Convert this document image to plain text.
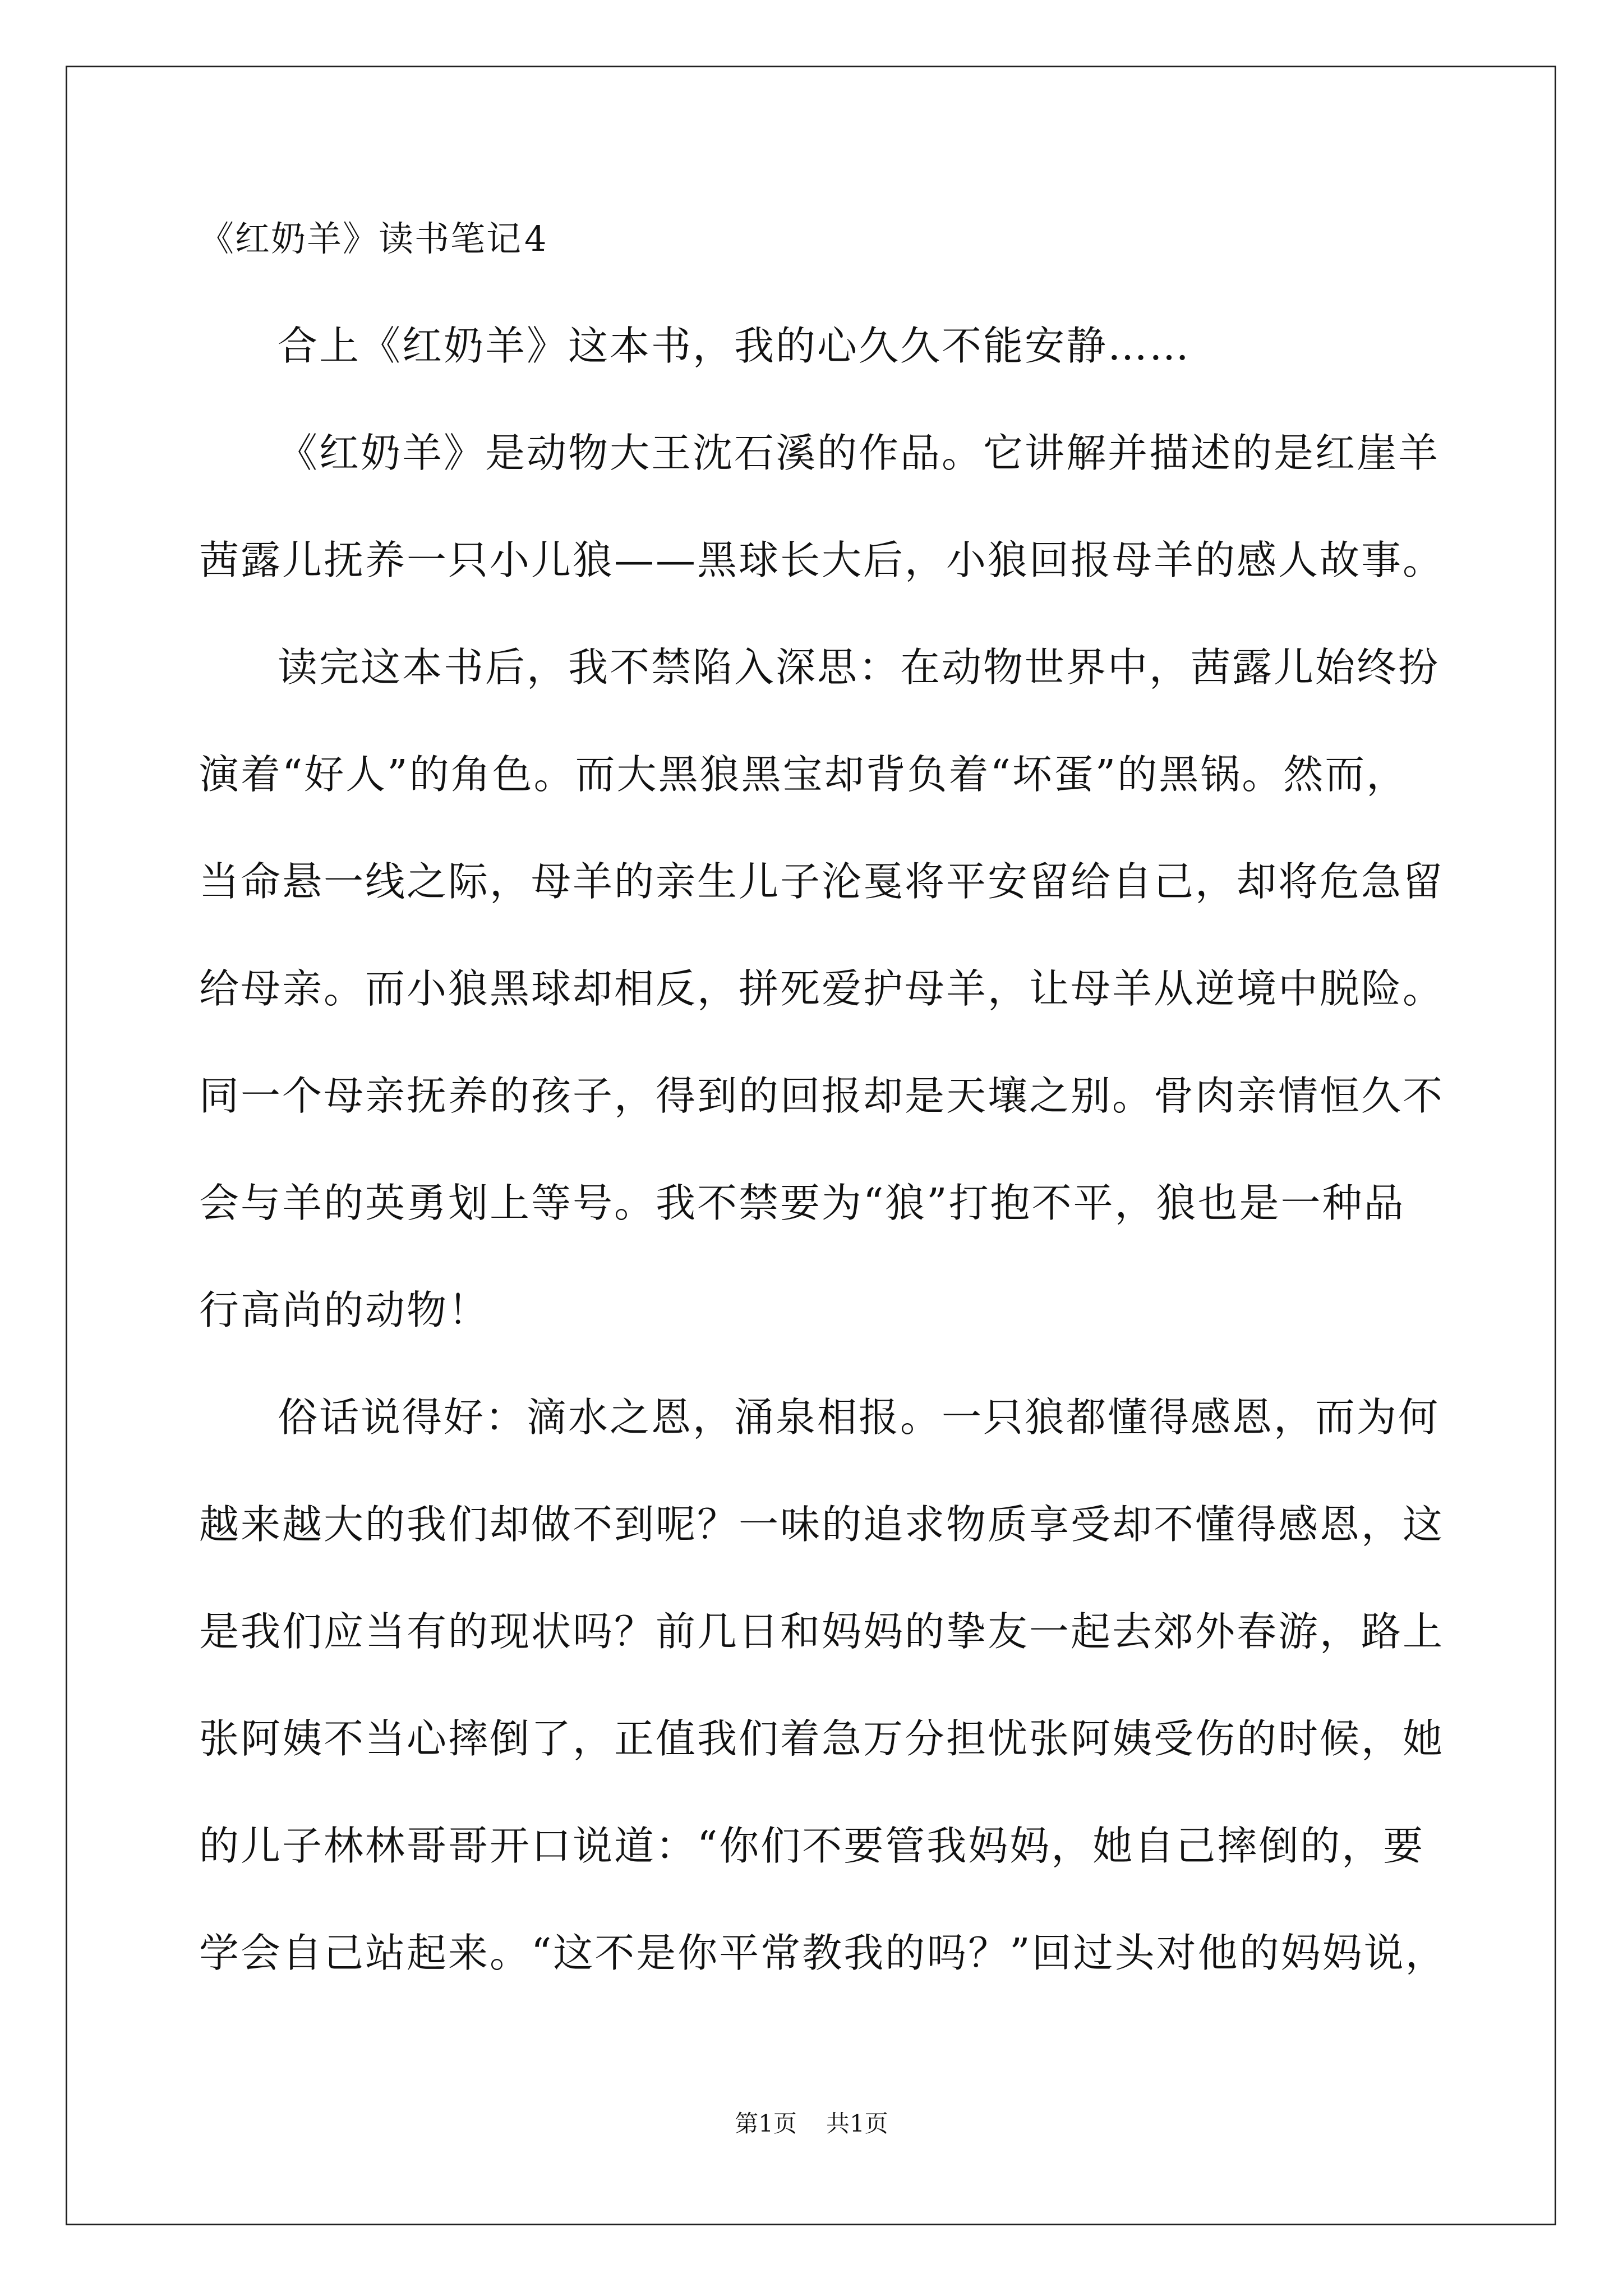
《红奶羊》读书笔记4

合上《红奶羊》这本书，我的心久久不能安静……

《红奶羊》是动物大王沈石溪的作品。它讲解并描述的是红崖羊

茜露儿抚养一只小儿狼——黑球长大后，小狼回报母羊的感人故事。

读完这本书后，我不禁陷入深思：在动物世界中，茜露儿始终扮

演着“好人”的角色。而大黑狼黑宝却背负着“坏蛋”的黑锅。然而，

当命悬一线之际，母羊的亲生儿子沦戛将平安留给自己，却将危急留

给母亲。而小狼黑球却相反，拼死爱护母羊，让母羊从逆境中脱险。

同一个母亲抚养的孩子，得到的回报却是天壤之别。骨肉亲情恒久不

会与羊的英勇划上等号。我不禁要为“狼”打抱不平，狼也是一种品

行高尚的动物！

俗话说得好：滴水之恩，涌泉相报。一只狼都懂得感恩，而为何

越来越大的我们却做不到呢？一味的追求物质享受却不懂得感恩，这

是我们应当有的现状吗？前几日和妈妈的挚友一起去郊外春游，路上

张阿姨不当心摔倒了，正值我们着急万分担忧张阿姨受伤的时候，她

的儿子林林哥哥开口说道：“你们不要管我妈妈，她自己摔倒的，要

学会自己站起来。“这不是你平常教我的吗？”回过头对他的妈妈说，

第1页 共1页
